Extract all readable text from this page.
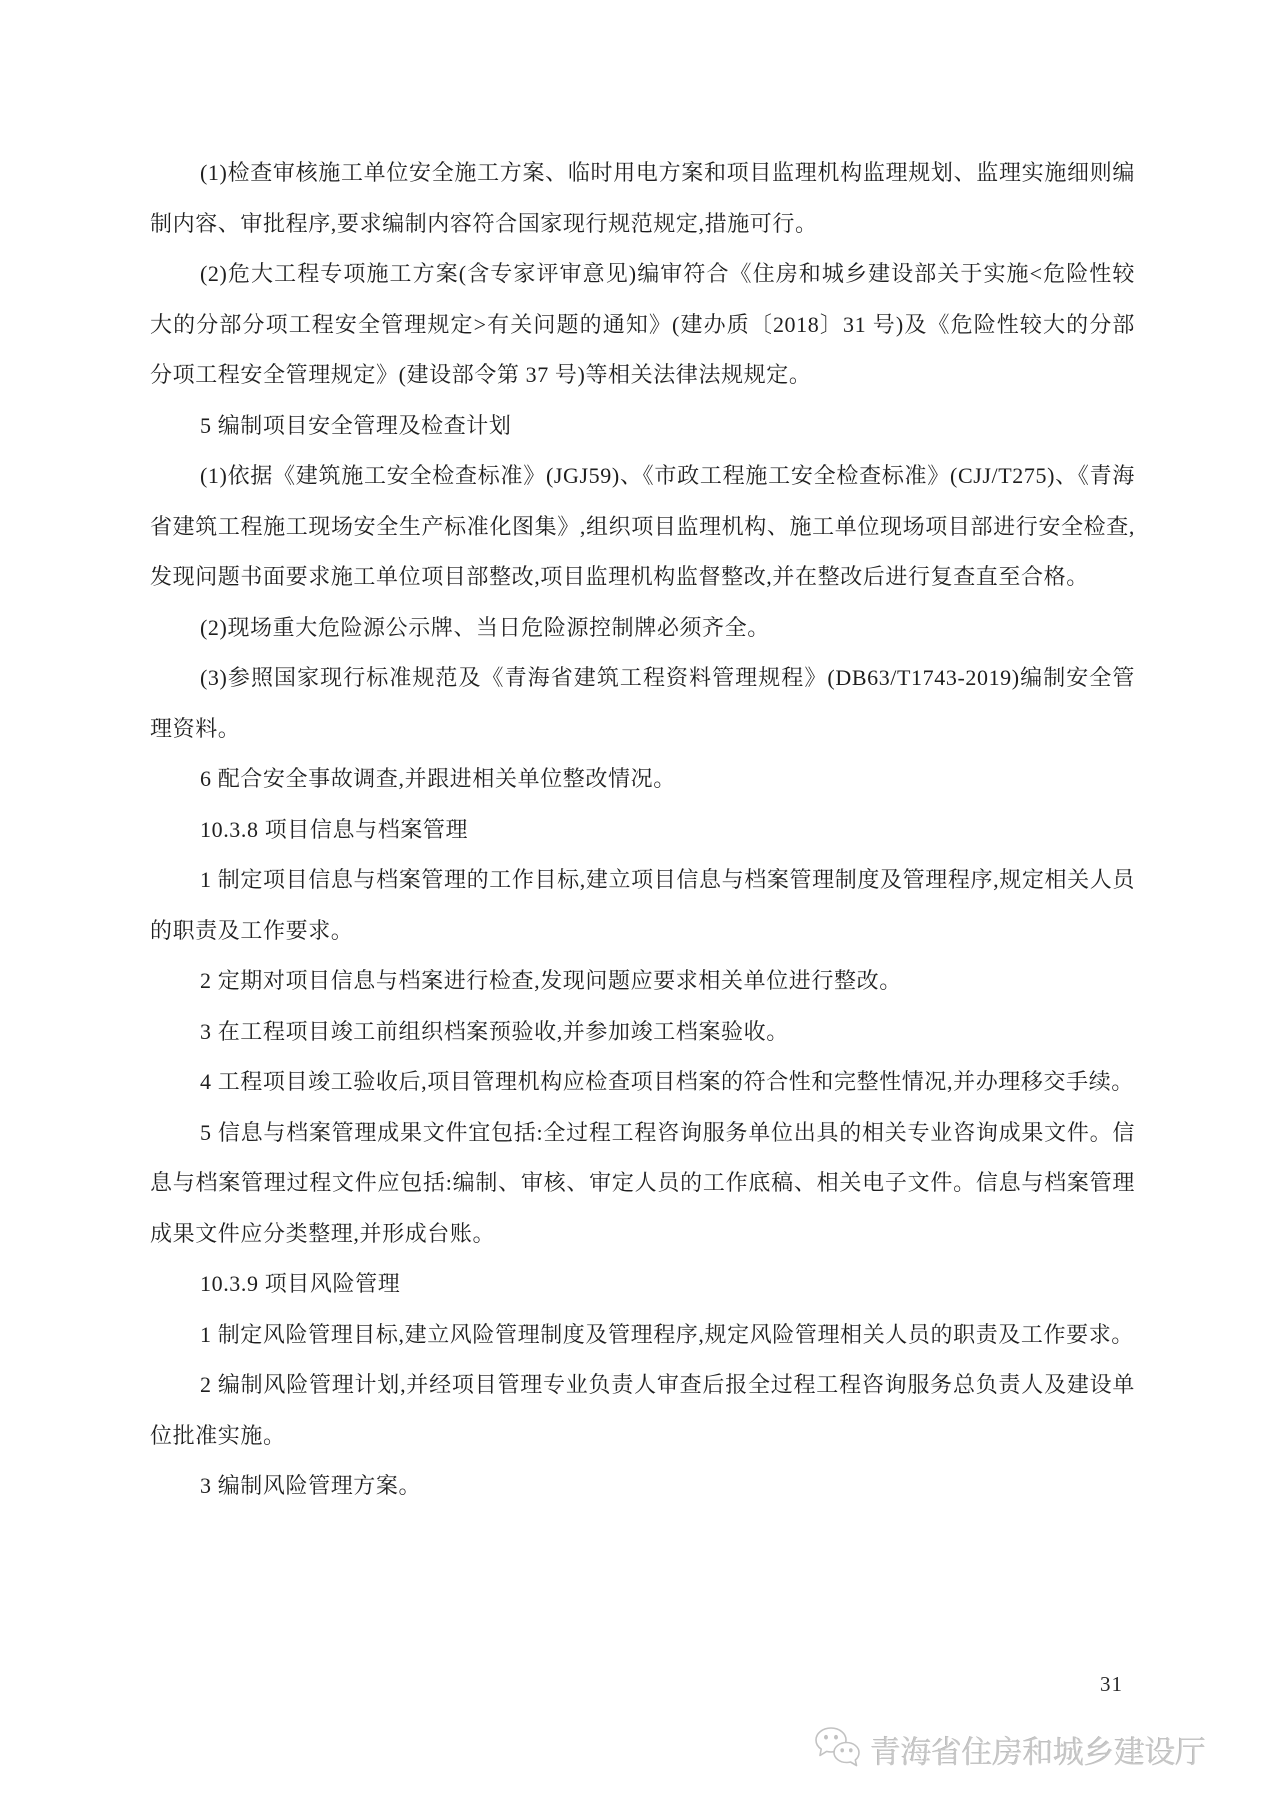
(1)检查审核施工单位安全施工方案、临时用电方案和项目监理机构监理规划、监理实施细则编制内容、审批程序,要求编制内容符合国家现行规范规定,措施可行。

(2)危大工程专项施工方案(含专家评审意见)编审符合《住房和城乡建设部关于实施<危险性较大的分部分项工程安全管理规定>有关问题的通知》(建办质〔2018〕31 号)及《危险性较大的分部分项工程安全管理规定》(建设部令第 37 号)等相关法律法规规定。

5 编制项目安全管理及检查计划

(1)依据《建筑施工安全检查标准》(JGJ59)、《市政工程施工安全检查标准》(CJJ/T275)、《青海省建筑工程施工现场安全生产标准化图集》,组织项目监理机构、施工单位现场项目部进行安全检查,发现问题书面要求施工单位项目部整改,项目监理机构监督整改,并在整改后进行复查直至合格。

(2)现场重大危险源公示牌、当日危险源控制牌必须齐全。

(3)参照国家现行标准规范及《青海省建筑工程资料管理规程》(DB63/T1743-2019)编制安全管理资料。

6 配合安全事故调查,并跟进相关单位整改情况。

10.3.8 项目信息与档案管理

1 制定项目信息与档案管理的工作目标,建立项目信息与档案管理制度及管理程序,规定相关人员的职责及工作要求。

2 定期对项目信息与档案进行检查,发现问题应要求相关单位进行整改。

3 在工程项目竣工前组织档案预验收,并参加竣工档案验收。

4 工程项目竣工验收后,项目管理机构应检查项目档案的符合性和完整性情况,并办理移交手续。

5 信息与档案管理成果文件宜包括:全过程工程咨询服务单位出具的相关专业咨询成果文件。信息与档案管理过程文件应包括:编制、审核、审定人员的工作底稿、相关电子文件。信息与档案管理成果文件应分类整理,并形成台账。

10.3.9 项目风险管理

1 制定风险管理目标,建立风险管理制度及管理程序,规定风险管理相关人员的职责及工作要求。

2 编制风险管理计划,并经项目管理专业负责人审查后报全过程工程咨询服务总负责人及建设单位批准实施。

3 编制风险管理方案。

31
青海省住房和城乡建设厅
